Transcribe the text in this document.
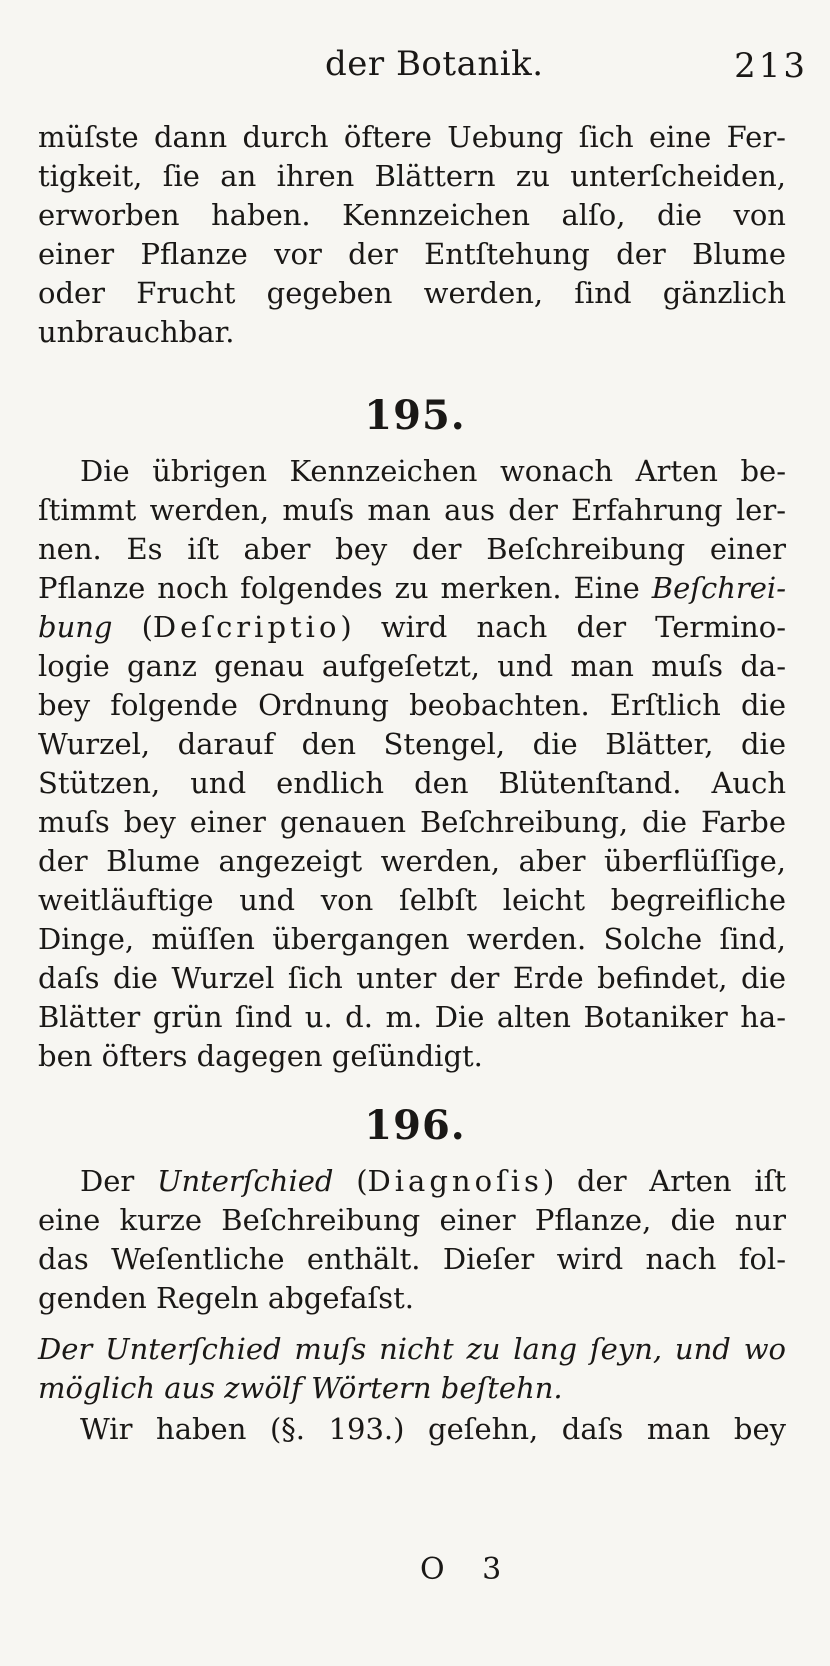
der Botanik.	213
müſste dann durch öftere Uebung ſich eine Fer-
tigkeit, ſie an ihren Blättern zu unterſcheiden,
erworben haben. Kennzeichen alſo, die von
einer Pflanze vor der Entſtehung der Blume
oder Frucht gegeben werden, ſind gänzlich
unbrauchbar.
195.
Die übrigen Kennzeichen wonach Arten be-
ſtimmt werden, muſs man aus der Erfahrung ler-
nen. Es iſt aber bey der Beſchreibung einer
Pflanze noch folgendes zu merken. Eine Beſchrei-
bung (Deſcriptio) wird nach der Termino-
logie ganz genau aufgeſetzt, und man muſs da-
bey folgende Ordnung beobachten. Erſtlich die
Wurzel, darauf den Stengel, die Blätter, die
Stützen, und endlich den Blütenſtand. Auch
muſs bey einer genauen Beſchreibung, die Farbe
der Blume angezeigt werden, aber überflüſſige,
weitläuftige und von ſelbſt leicht begreifliche
Dinge, müſſen übergangen werden. Solche ſind,
daſs die Wurzel ſich unter der Erde befindet, die
Blätter grün ſind u. d. m. Die alten Botaniker ha-
ben öfters dagegen geſündigt.
196.
Der Unterſchied (Diagnoſis) der Arten iſt
eine kurze Beſchreibung einer Pflanze, die nur
das Weſentliche enthält. Dieſer wird nach fol-
genden Regeln abgefaſst.
Der Unterſchied muſs nicht zu lang ſeyn, und wo
möglich aus zwölf Wörtern beſtehn.
Wir haben (§. 193.) geſehn, daſs man bey
O 3
